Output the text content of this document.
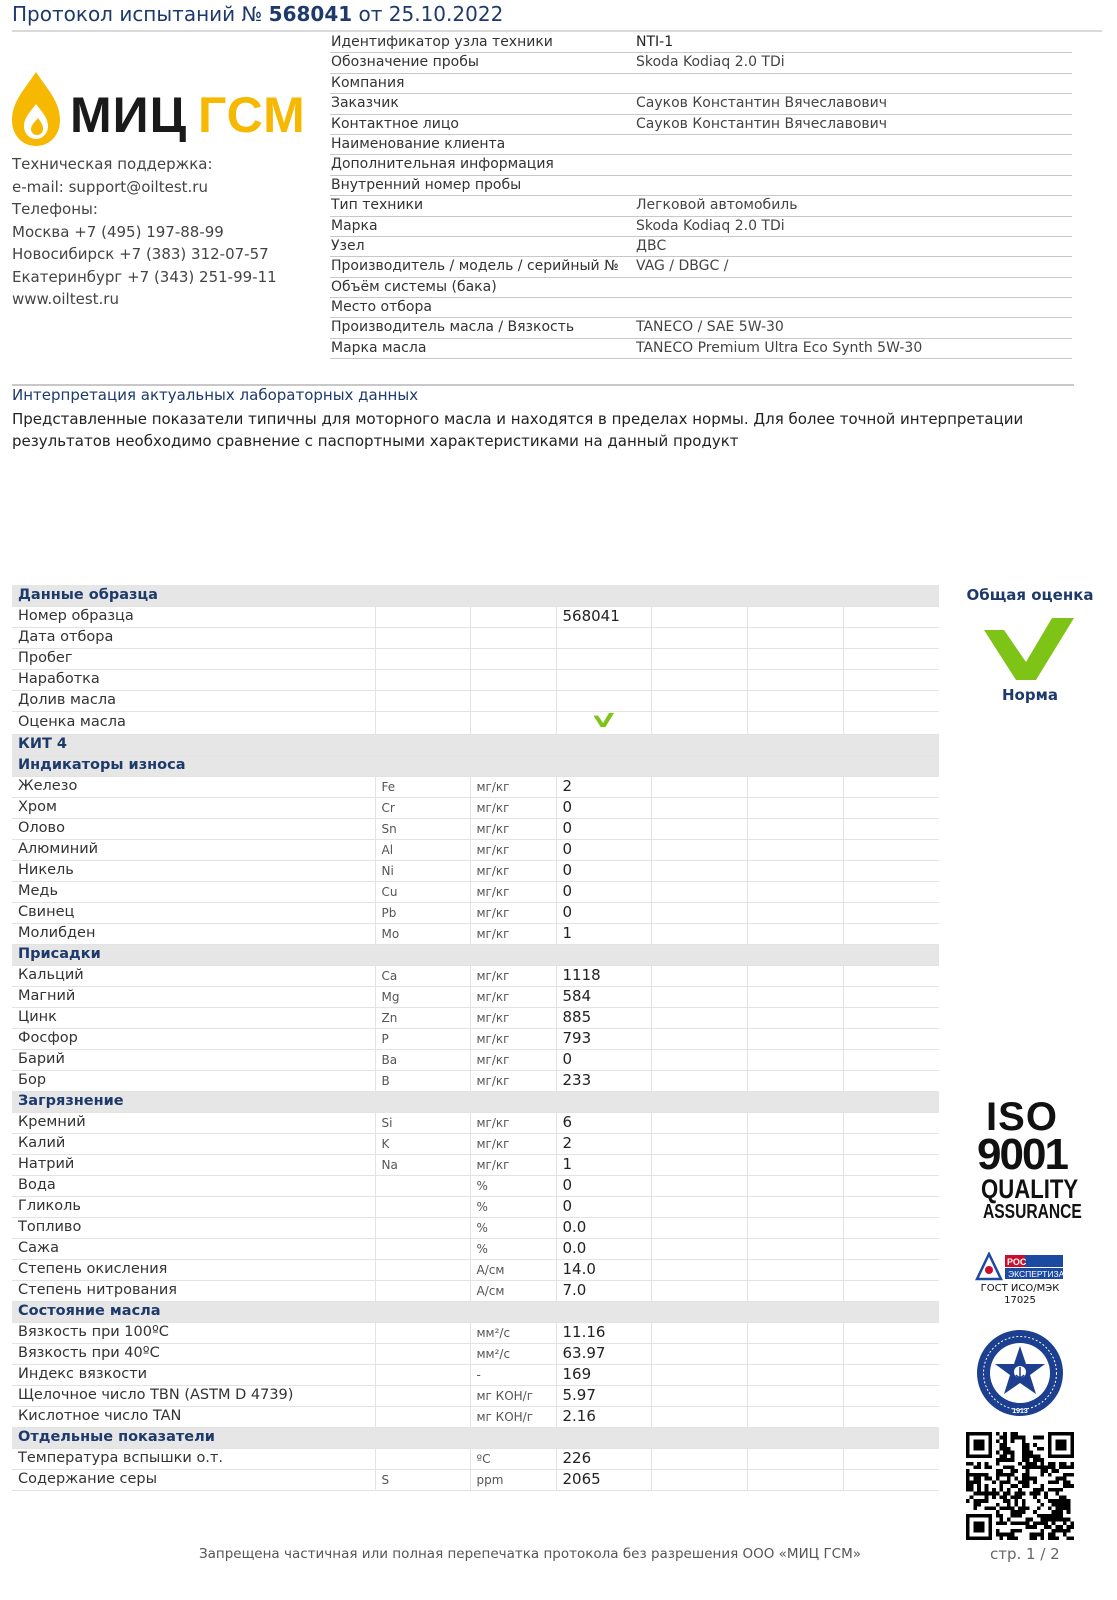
Протокол испытаний № 568041 от 25.10.2022
МИЦ ГСМ
Техническая поддержка:
e-mail: support@oiltest.ru
Телефоны:
Москва +7 (495) 197-88-99
Новосибирск +7 (383) 312-07-57
Екатеринбург +7 (343) 251-99-11
www.oiltest.ru
Идентификатор узла техники	NTI-1
Обозначение пробы	Skoda Kodiaq 2.0 TDi
Компания
Заказчик	Сауков Константин Вячеславович
Контактное лицо	Сауков Константин Вячеславович
Наименование клиента
Дополнительная информация
Внутренний номер пробы
Тип техники	Легковой автомобиль
Марка	Skoda Kodiaq 2.0 TDi
Узел	ДВС
Производитель / модель / серийный №	VAG / DBGC /
Объём системы (бака)
Место отбора
Производитель масла / Вязкость	TANECO / SAE 5W-30
Марка масла	TANECO Premium Ultra Eco Synth 5W-30
Интерпретация актуальных лабораторных данных
Представленные показатели типичны для моторного масла и находятся в пределах нормы. Для более точной интерпретации результатов необходимо сравнение с паспортными характеристиками на данный продукт
Данные образца						
Номер образца			568041			
Дата отбора						
Пробег						
Наработка						
Долив масла						
Оценка масла						
КИТ 4						
Индикаторы износа						
Железо	Fe	мг/кг	2			
Хром	Cr	мг/кг	0			
Олово	Sn	мг/кг	0			
Алюминий	Al	мг/кг	0			
Никель	Ni	мг/кг	0			
Медь	Cu	мг/кг	0			
Свинец	Pb	мг/кг	0			
Молибден	Mo	мг/кг	1			
Присадки						
Кальций	Ca	мг/кг	1118			
Магний	Mg	мг/кг	584			
Цинк	Zn	мг/кг	885			
Фосфор	P	мг/кг	793			
Барий	Ba	мг/кг	0			
Бор	B	мг/кг	233			
Загрязнение						
Кремний	Si	мг/кг	6			
Калий	K	мг/кг	2			
Натрий	Na	мг/кг	1			
Вода		%	0			
Гликоль		%	0			
Топливо		%	0.0			
Сажа		%	0.0			
Степень окисления		А/см	14.0			
Степень нитрования		А/см	7.0			
Состояние масла						
Вязкость при 100ºС		мм²/с	11.16			
Вязкость при 40ºС		мм²/с	63.97			
Индекс вязкости		-	169			
Щелочное число TBN (ASTM D 4739)		мг КОН/г	5.97			
Кислотное число TAN		мг КОН/г	2.16			
Отдельные показатели						
Температура вспышки о.т.		ºС	226			
Содержание серы	S	ppm	2065			
Общая оценка
Норма
ISO
9001
QUALITY
ASSURANCE
РОС
ЭКСПЕРТИЗА
ГОСТ ИСО/МЭК
17025
1913
Запрещена частичная или полная перепечатка протокола без разрешения ООО «МИЦ ГСМ»	стр. 1 / 2
